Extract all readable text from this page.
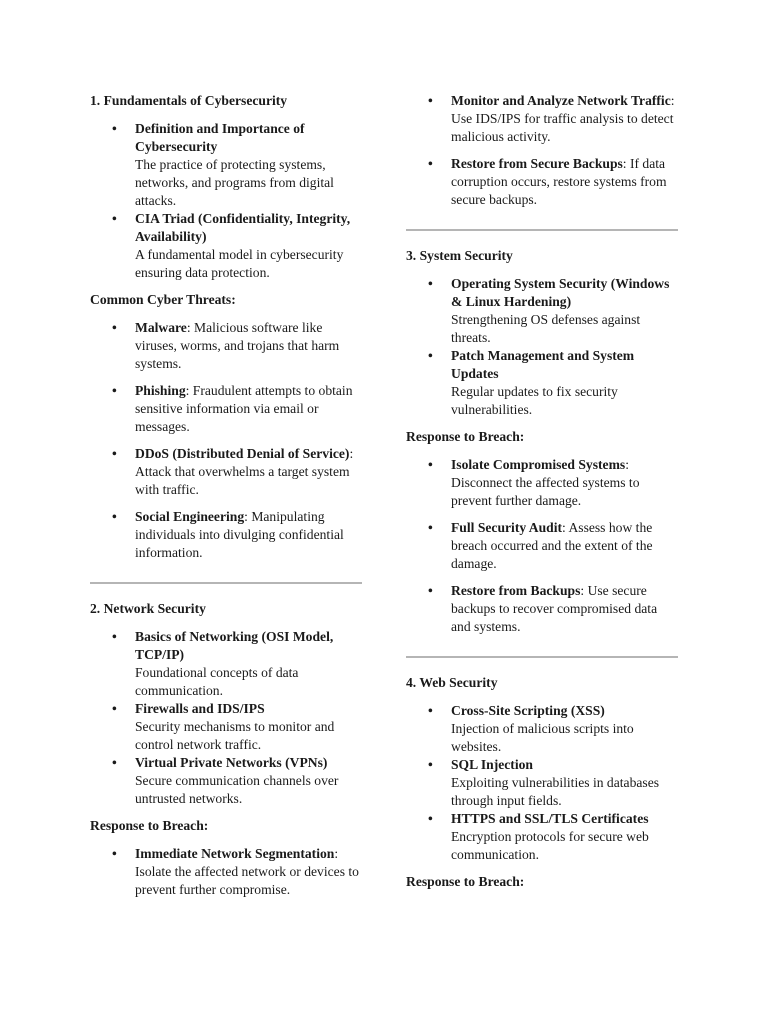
1. Fundamentals of Cybersecurity
• Definition and Importance of Cybersecurity
The practice of protecting systems, networks, and programs from digital attacks.
• CIA Triad (Confidentiality, Integrity, Availability)
A fundamental model in cybersecurity ensuring data protection.
Common Cyber Threats:
• Malware: Malicious software like viruses, worms, and trojans that harm systems.
• Phishing: Fraudulent attempts to obtain sensitive information via email or messages.
• DDoS (Distributed Denial of Service): Attack that overwhelms a target system with traffic.
• Social Engineering: Manipulating individuals into divulging confidential information.
2. Network Security
• Basics of Networking (OSI Model, TCP/IP)
Foundational concepts of data communication.
• Firewalls and IDS/IPS
Security mechanisms to monitor and control network traffic.
• Virtual Private Networks (VPNs)
Secure communication channels over untrusted networks.
Response to Breach:
• Immediate Network Segmentation: Isolate the affected network or devices to prevent further compromise.
• Monitor and Analyze Network Traffic: Use IDS/IPS for traffic analysis to detect malicious activity.
• Restore from Secure Backups: If data corruption occurs, restore systems from secure backups.
3. System Security
• Operating System Security (Windows & Linux Hardening)
Strengthening OS defenses against threats.
• Patch Management and System Updates
Regular updates to fix security vulnerabilities.
Response to Breach:
• Isolate Compromised Systems: Disconnect the affected systems to prevent further damage.
• Full Security Audit: Assess how the breach occurred and the extent of the damage.
• Restore from Backups: Use secure backups to recover compromised data and systems.
4. Web Security
• Cross-Site Scripting (XSS)
Injection of malicious scripts into websites.
• SQL Injection
Exploiting vulnerabilities in databases through input fields.
• HTTPS and SSL/TLS Certificates
Encryption protocols for secure web communication.
Response to Breach:
